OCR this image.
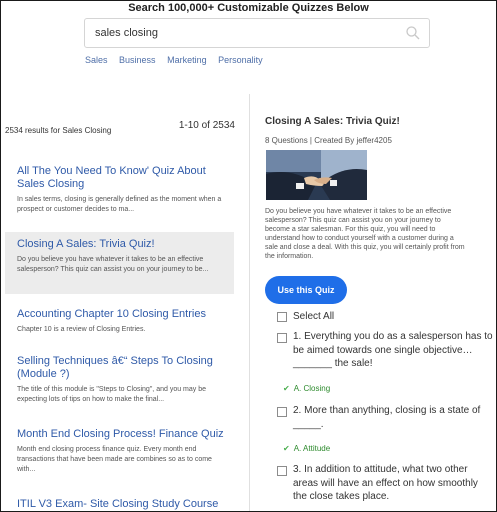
Search 100,000+ Customizable Quizzes Below
sales closing
Sales Business Marketing Personality
2534 results for Sales Closing	1-10 of 2534
All The You Need To Know' Quiz About Sales Closing
In sales terms, closing is generally defined as the moment when a prospect or customer decides to ma...
Closing A Sales: Trivia Quiz!
Do you believe you have whatever it takes to be an effective salesperson? This quiz can assist you on your journey to be...
Accounting Chapter 10 Closing Entries
Chapter 10 is a review of Closing Entries.
Selling Techniques â€“ Steps To Closing (Module ?)
The title of this module is "Steps to Closing", and you may be expecting lots of tips on how to make the final...
Month End Closing Process! Finance Quiz
Month end closing process finance quiz. Every month end transactions that have been made are combines so as to come with...
ITIL V3 Exam- Site Closing Study Course
Closing A Sales: Trivia Quiz!
8 Questions | Created By jeffer4205
Do you believe you have whatever it takes to be an effective salesperson? This quiz can assist you on your journey to become a star salesman. For this quiz, you will need to understand how to conduct yourself with a customer during a sale and close a deal. With this quiz, you will certainly profit from the information.
Use this Quiz
Select All
1. Everything you do as a salesperson has to be aimed towards one single objective… _______ the sale!
✔ A. Closing
2. More than anything, closing is a state of _____.
✔ A. Attitude
3. In addition to attitude, what two other areas will have an effect on how smoothly the close takes place.
